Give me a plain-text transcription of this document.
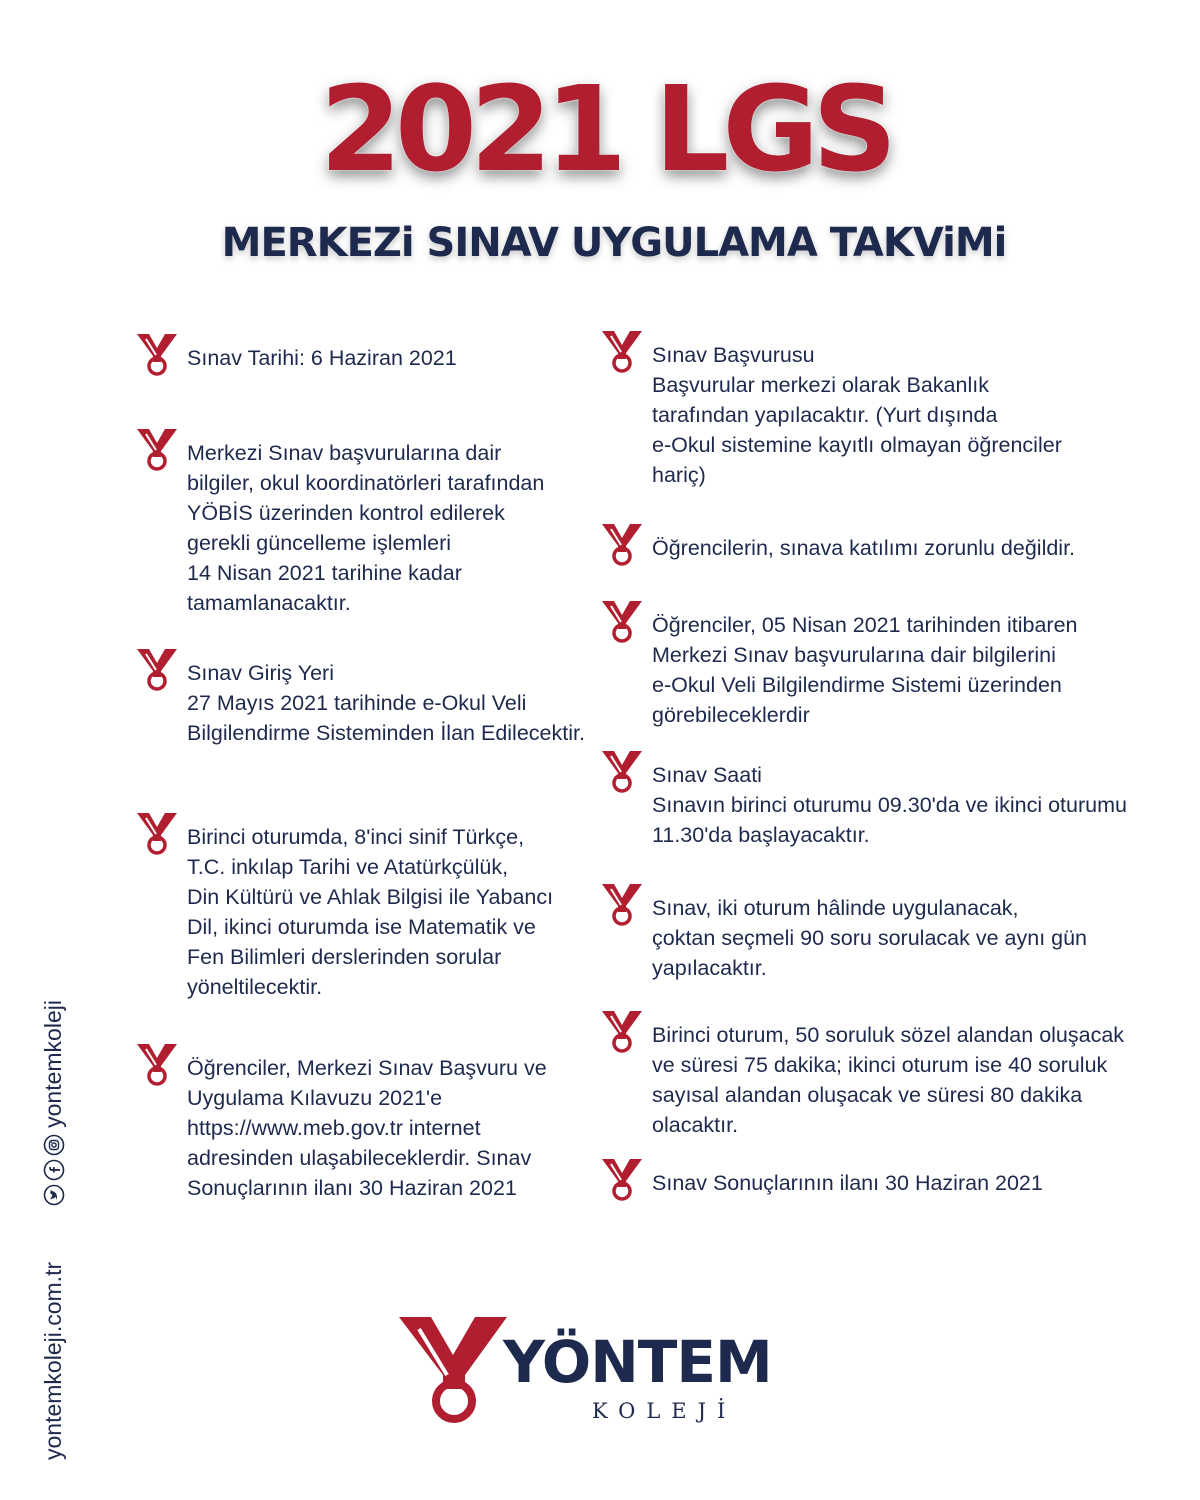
2021 LGS
MERKEZi SINAV UYGULAMA TAKViMi
Sınav Tarihi: 6 Haziran 2021
Merkezi Sınav başvurularına dair
bilgiler, okul koordinatörleri tarafından
YÖBİS üzerinden kontrol edilerek
gerekli güncelleme işlemleri
14 Nisan 2021 tarihine kadar
tamamlanacaktır.
Sınav Giriş Yeri
27 Mayıs 2021 tarihinde e-Okul Veli
Bilgilendirme Sisteminden İlan Edilecektir.
Birinci oturumda, 8'inci sinif Türkçe,
T.C. inkılap Tarihi ve Atatürkçülük,
Din Kültürü ve Ahlak Bilgisi ile Yabancı
Dil, ikinci oturumda ise Matematik ve
Fen Bilimleri derslerinden sorular
yöneltilecektir.
Öğrenciler, Merkezi Sınav Başvuru ve
Uygulama Kılavuzu 2021'e
https://www.meb.gov.tr internet
adresinden ulaşabileceklerdir. Sınav
Sonuçlarının ilanı 30 Haziran 2021
Sınav Başvurusu
Başvurular merkezi olarak Bakanlık
tarafından yapılacaktır. (Yurt dışında
e-Okul sistemine kayıtlı olmayan öğrenciler
hariç)
Öğrencilerin, sınava katılımı zorunlu değildir.
Öğrenciler, 05 Nisan 2021 tarihinden itibaren
Merkezi Sınav başvurularına dair bilgilerini
e-Okul Veli Bilgilendirme Sistemi üzerinden
görebileceklerdir
Sınav Saati
Sınavın birinci oturumu 09.30'da ve ikinci oturumu
11.30'da başlayacaktır.
Sınav, iki oturum hâlinde uygulanacak,
çoktan seçmeli 90 soru sorulacak ve aynı gün
yapılacaktır.
Birinci oturum, 50 soruluk sözel alandan oluşacak
ve süresi 75 dakika; ikinci oturum ise 40 soruluk
sayısal alandan oluşacak ve süresi 80 dakika
olacaktır.
Sınav Sonuçlarının ilanı 30 Haziran 2021
yontemkoleji.com.tr
yontemkoleji
YÖNTEM
KOLEJİ
